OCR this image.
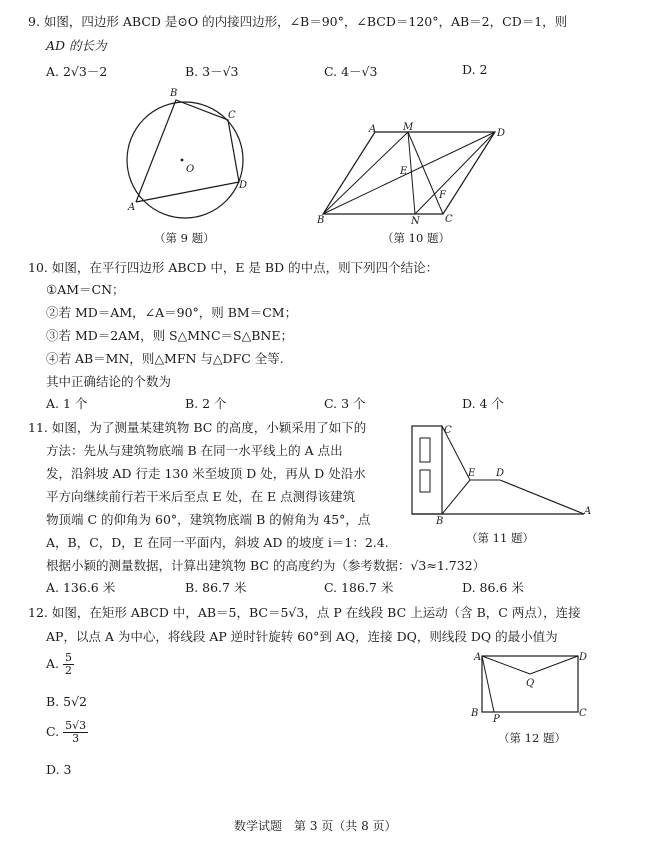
9. 如图，四边形 ABCD 是⊙O 的内接四边形，∠B＝90°，∠BCD＝120°，AB＝2，CD＝1，则
AD 的长为
A. 2√3－2	B. 3－√3	C. 4－√3	D. 2
A
B
C
D
O
（第 9 题）
A	M
D
E
F
B	N	C
（第 10 题）
10. 如图，在平行四边形 ABCD 中，E 是 BD 的中点，则下列四个结论：
①AM＝CN；
②若 MD＝AM，∠A＝90°，则 BM＝CM；
③若 MD＝2AM，则 S△MNC＝S△BNE；
④若 AB＝MN，则△MFN 与△DFC 全等.
其中正确结论的个数为
A. 1 个	B. 2 个	C. 3 个	D. 4 个
11. 如图，为了测量某建筑物 BC 的高度，小颖采用了如下的
方法：先从与建筑物底端 B 在同一水平线上的 A 点出
发，沿斜坡 AD 行走 130 米至坡顶 D 处，再从 D 处沿水
平方向继续前行若干米后至点 E 处，在 E 点测得该建筑
物顶端 C 的仰角为 60°，建筑物底端 B 的俯角为 45°，点
A，B，C，D，E 在同一平面内，斜坡 AD 的坡度 i＝1：2.4.
根据小颖的测量数据，计算出建筑物 BC 的高度约为（参考数据：√3≈1.732）
A. 136.6 米	B. 86.7 米	C. 186.7 米	D. 86.6 米
C
E D
B
A
（第 11 题）
12. 如图，在矩形 ABCD 中，AB＝5，BC＝5√3，点 P 在线段 BC 上运动（含 B，C 两点），连接
AP，以点 A 为中心，将线段 AP 逆时针旋转 60°到 AQ，连接 DQ，则线段 DQ 的最小值为
A. $\frac{5}{2}$
B. 5√2
C. $\frac{5√3}{3}$
D. 3
A	D
Q
B
P
C
（第 12 题）
数学试题　第 3 页（共 8 页）
